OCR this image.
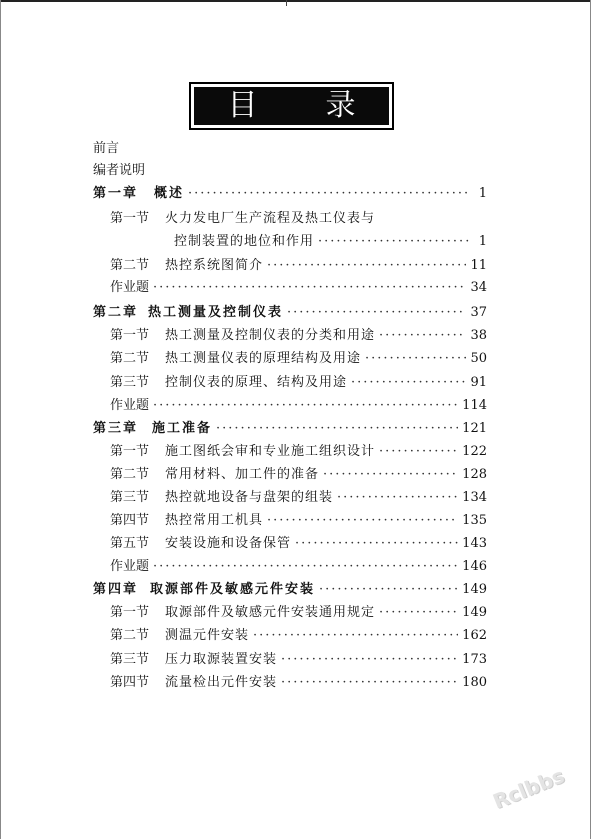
目 录
前言
编者说明
第一章 概述 ·····	1
第一节 火力发电厂生产流程及热工仪表与
控制装置的地位和作用 ·····	1
第二节 热控系统图简介 ·····	11
作业题 ·····	34
第二章 热工测量及控制仪表 ·····	37
第一节 热工测量及控制仪表的分类和用途 ·····	38
第二节 热工测量仪表的原理结构及用途 ·····	50
第三节 控制仪表的原理、结构及用途 ·····	91
作业题 ·····	114
第三章 施工准备 ·····	121
第一节 施工图纸会审和专业施工组织设计 ·····	122
第二节 常用材料、加工件的准备 ·····	128
第三节 热控就地设备与盘架的组装 ·····	134
第四节 热控常用工机具 ·····	135
第五节 安装设施和设备保管 ·····	143
作业题 ·····	146
第四章 取源部件及敏感元件安装 ·····	149
第一节 取源部件及敏感元件安装通用规定 ·····	149
第二节 测温元件安装 ·····	162
第三节 压力取源装置安装 ·····	173
第四节 流量检出元件安装 ·····	180
Rclbbs
